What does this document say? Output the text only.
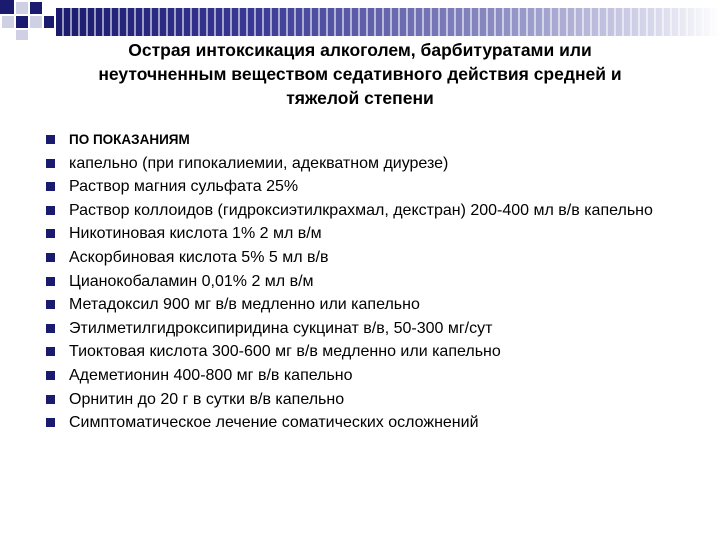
Острая интоксикация алкоголем, барбитуратами или
неуточненным веществом седативного действия средней и
тяжелой степени
ПО ПОКАЗАНИЯМ
капельно (при гипокалиемии, адекватном диурезе)
Раствор магния сульфата 25%
Раствор коллоидов (гидроксиэтилкрахмал, декстран) 200-400 мл в/в капельно
Никотиновая кислота 1% 2 мл в/м
Аскорбиновая кислота 5% 5 мл в/в
Цианокобаламин 0,01% 2 мл в/м
Метадоксил 900 мг в/в медленно или капельно
Этилметилгидроксипиридина сукцинат в/в, 50-300 мг/сут
Тиоктовая кислота 300-600 мг в/в медленно или капельно
Адеметионин 400-800 мг в/в капельно
Орнитин до 20 г в сутки в/в капельно
Симптоматическое лечение соматических осложнений
